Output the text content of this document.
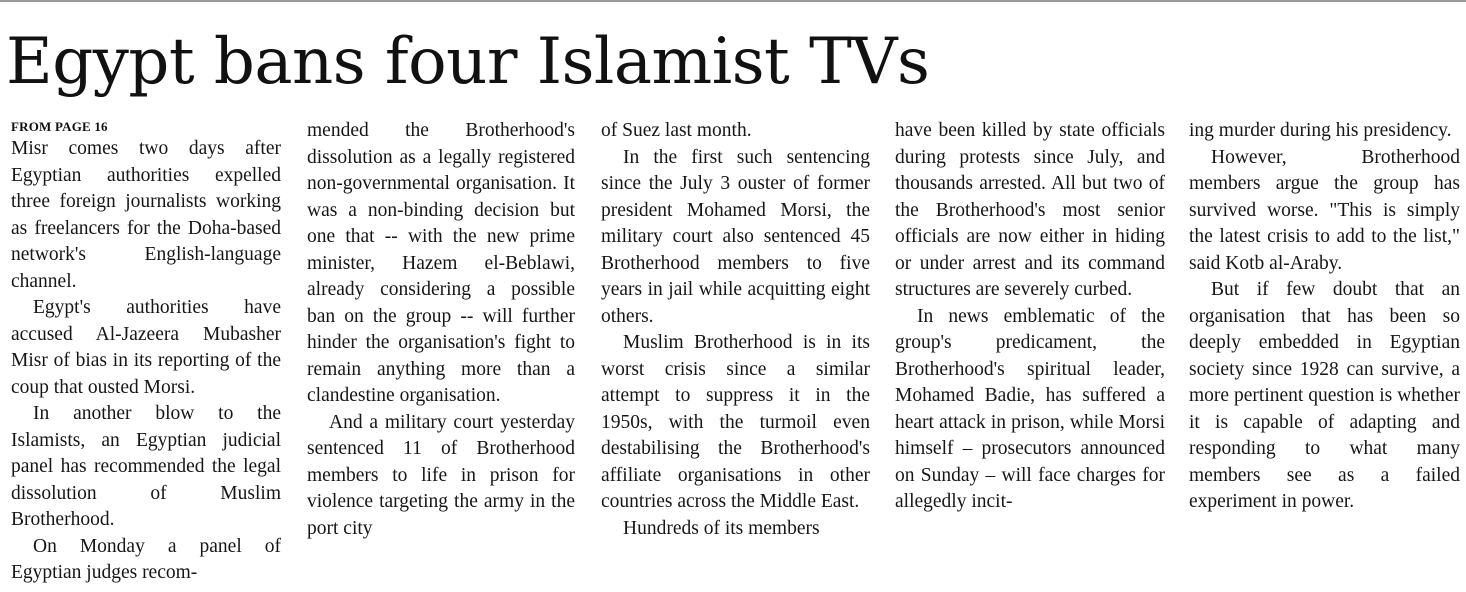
Egypt bans four Islamist TVs
FROM PAGE 16

Misr comes two days after Egyptian authorities expelled three foreign journalists working as freelancers for the Doha-based network's English-language channel.

Egypt's authorities have accused Al-Jazeera Mubasher Misr of bias in its reporting of the coup that ousted Morsi.

In another blow to the Islamists, an Egyptian judicial panel has recommended the legal dissolution of Muslim Brotherhood.

On Monday a panel of Egyptian judges recom-

mended the Brotherhood's dissolution as a legally registered non-governmental organisation. It was a non-binding decision but one that -- with the new prime minister, Hazem el-Beblawi, already considering a possible ban on the group -- will further hinder the organisation's fight to remain anything more than a clandestine organisation.

And a military court yesterday sentenced 11 of Brotherhood members to life in prison for violence targeting the army in the port city

of Suez last month.

In the first such sentencing since the July 3 ouster of former president Mohamed Morsi, the military court also sentenced 45 Brotherhood members to five years in jail while acquitting eight others.

Muslim Brotherhood is in its worst crisis since a similar attempt to suppress it in the 1950s, with the turmoil even destabilising the Brotherhood's affiliate organisations in other countries across the Middle East.

Hundreds of its members

have been killed by state officials during protests since July, and thousands arrested. All but two of the Brotherhood's most senior officials are now either in hiding or under arrest and its command structures are severely curbed.

In news emblematic of the group's predicament, the Brotherhood's spiritual leader, Mohamed Badie, has suffered a heart attack in prison, while Morsi himself – prosecutors announced on Sunday – will face charges for allegedly incit-

ing murder during his presidency.

However, Brotherhood members argue the group has survived worse. "This is simply the latest crisis to add to the list," said Kotb al-Araby.

But if few doubt that an organisation that has been so deeply embedded in Egyptian society since 1928 can survive, a more pertinent question is whether it is capable of adapting and responding to what many members see as a failed experiment in power.
